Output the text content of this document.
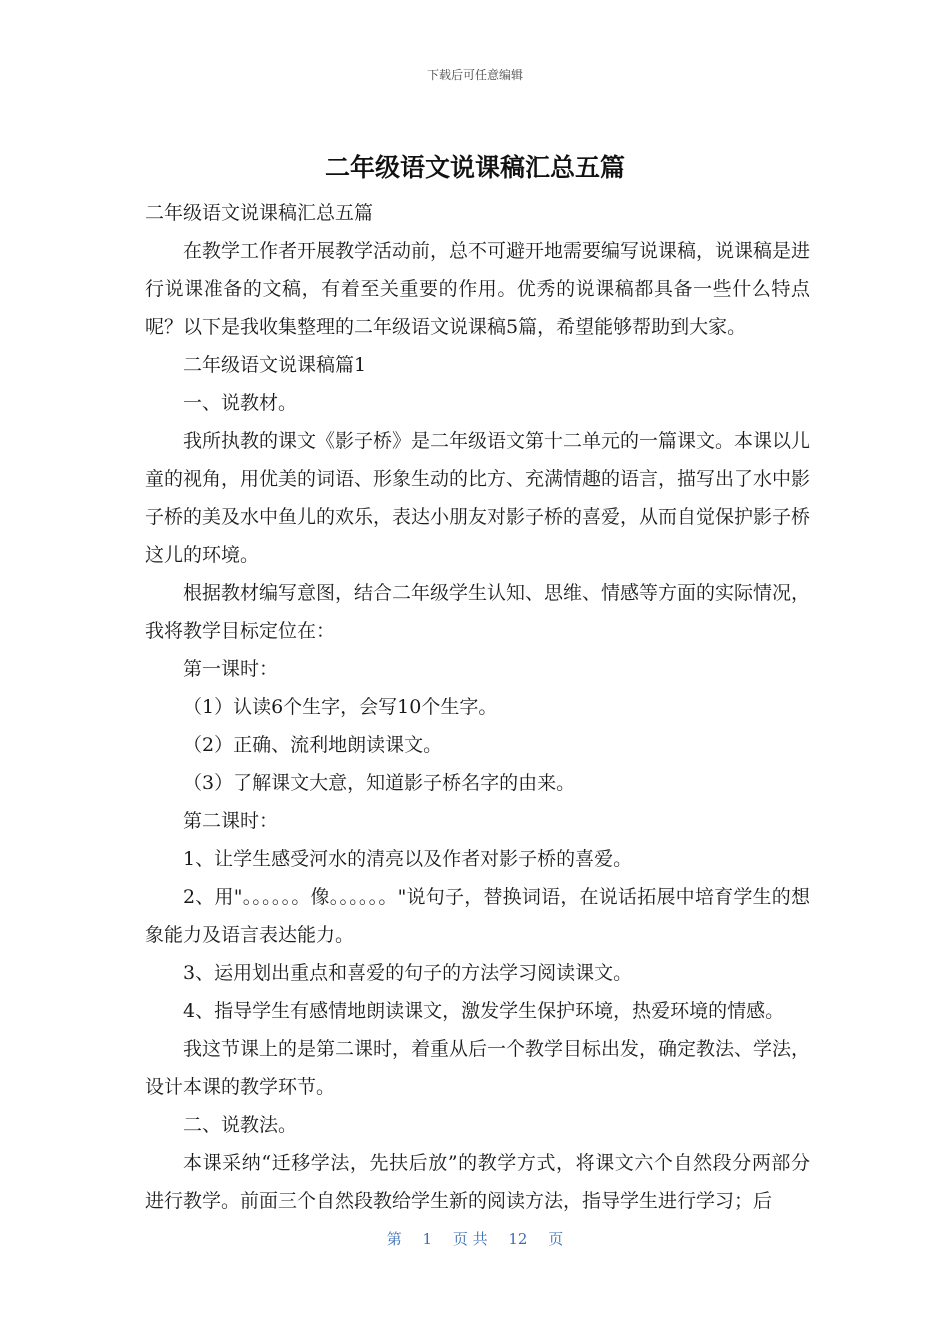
下载后可任意编辑
二年级语文说课稿汇总五篇

二年级语文说课稿汇总五篇

在教学工作者开展教学活动前，总不可避开地需要编写说课稿，说课稿是进行说课准备的文稿，有着至关重要的作用。优秀的说课稿都具备一些什么特点呢？以下是我收集整理的二年级语文说课稿5篇，希望能够帮助到大家。

二年级语文说课稿篇1

一、说教材。

我所执教的课文《影子桥》是二年级语文第十二单元的一篇课文。本课以儿童的视角，用优美的词语、形象生动的比方、充满情趣的语言，描写出了水中影子桥的美及水中鱼儿的欢乐，表达小朋友对影子桥的喜爱，从而自觉保护影子桥这儿的环境。

根据教材编写意图，结合二年级学生认知、思维、情感等方面的实际情况，我将教学目标定位在：

第一课时：

（1）认读6个生字，会写10个生字。

（2）正确、流利地朗读课文。

（3）了解课文大意，知道影子桥名字的由来。

第二课时：

1、让学生感受河水的清亮以及作者对影子桥的喜爱。

2、用"。。。。。。像。。。。。。"说句子，替换词语，在说话拓展中培育学生的想象能力及语言表达能力。

3、运用划出重点和喜爱的句子的方法学习阅读课文。

4、指导学生有感情地朗读课文，激发学生保护环境，热爱环境的情感。

我这节课上的是第二课时，着重从后一个教学目标出发，确定教法、学法，设计本课的教学环节。

二、说教法。

本课采纳“迁移学法，先扶后放”的教学方式，将课文六个自然段分两部分进行教学。前面三个自然段教给学生新的阅读方法，指导学生进行学习；后

第 1 页 共 12 页
